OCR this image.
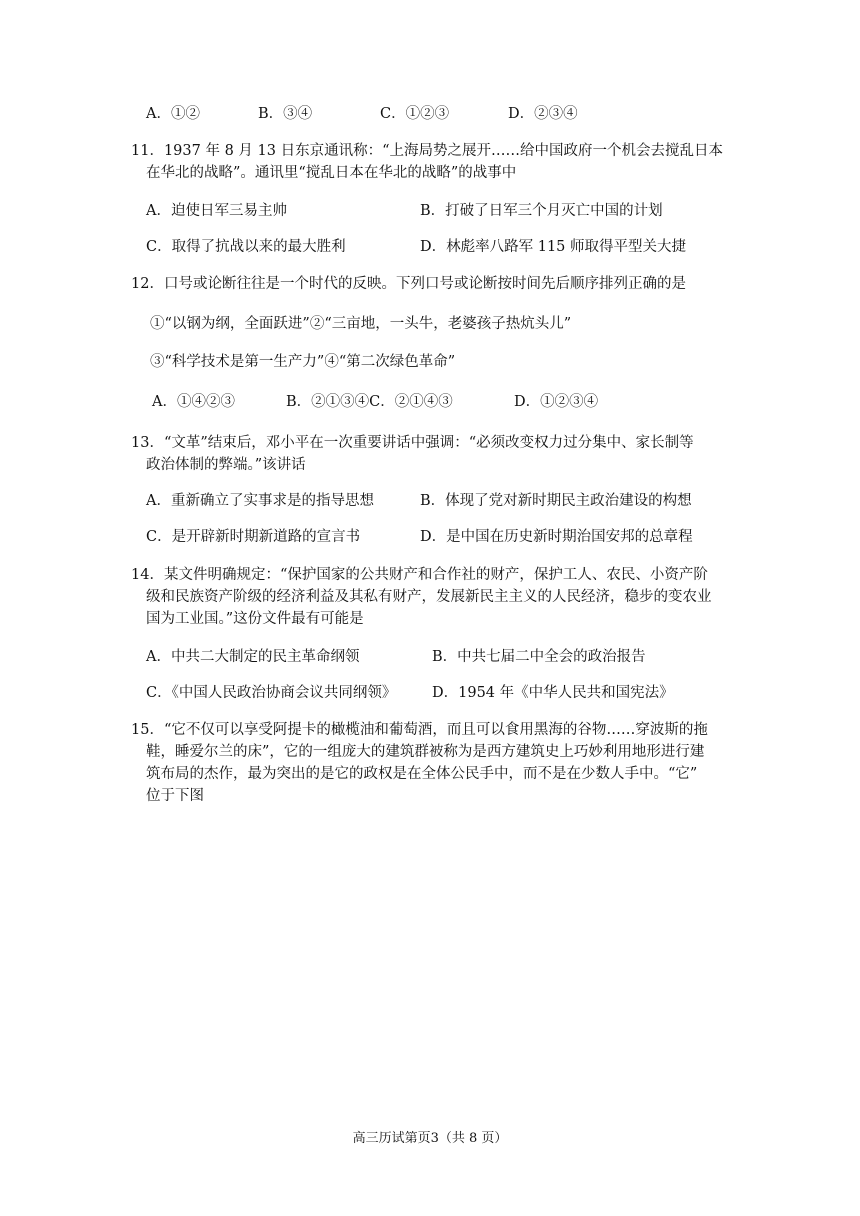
A．①②	B．③④	C．①②③	D．②③④
11．1937 年 8 月 13 日东京通讯称：“上海局势之展开……给中国政府一个机会去搅乱日本
在华北的战略”。通讯里“搅乱日本在华北的战略”的战事中
A．迫使日军三易主帅	B．打破了日军三个月灭亡中国的计划
C．取得了抗战以来的最大胜利	D．林彪率八路军 115 师取得平型关大捷
12．口号或论断往往是一个时代的反映。下列口号或论断按时间先后顺序排列正确的是
①“以钢为纲，全面跃进”②“三亩地，一头牛，老婆孩子热炕头儿”
③“科学技术是第一生产力”④“第二次绿色革命”
A．①④②③	B．②①③④C．②①④③	D．①②③④
13．“文革”结束后，邓小平在一次重要讲话中强调：“必须改变权力过分集中、家长制等
政治体制的弊端。”该讲话
A．重新确立了实事求是的指导思想	B．体现了党对新时期民主政治建设的构想
C．是开辟新时期新道路的宣言书	D．是中国在历史新时期治国安邦的总章程
14．某文件明确规定：“保护国家的公共财产和合作社的财产，保护工人、农民、小资产阶
级和民族资产阶级的经济利益及其私有财产，发展新民主主义的人民经济，稳步的变农业
国为工业国。”这份文件最有可能是
A．中共二大制定的民主革命纲领	B．中共七届二中全会的政治报告
C．《中国人民政治协商会议共同纲领》 D．1954 年《中华人民共和国宪法》
15．“它不仅可以享受阿提卡的橄榄油和葡萄酒，而且可以食用黑海的谷物……穿波斯的拖
鞋，睡爱尔兰的床”，它的一组庞大的建筑群被称为是西方建筑史上巧妙利用地形进行建
筑布局的杰作，最为突出的是它的政权是在全体公民手中，而不是在少数人手中。“它”
位于下图
高三历试第页3（共 8 页）
